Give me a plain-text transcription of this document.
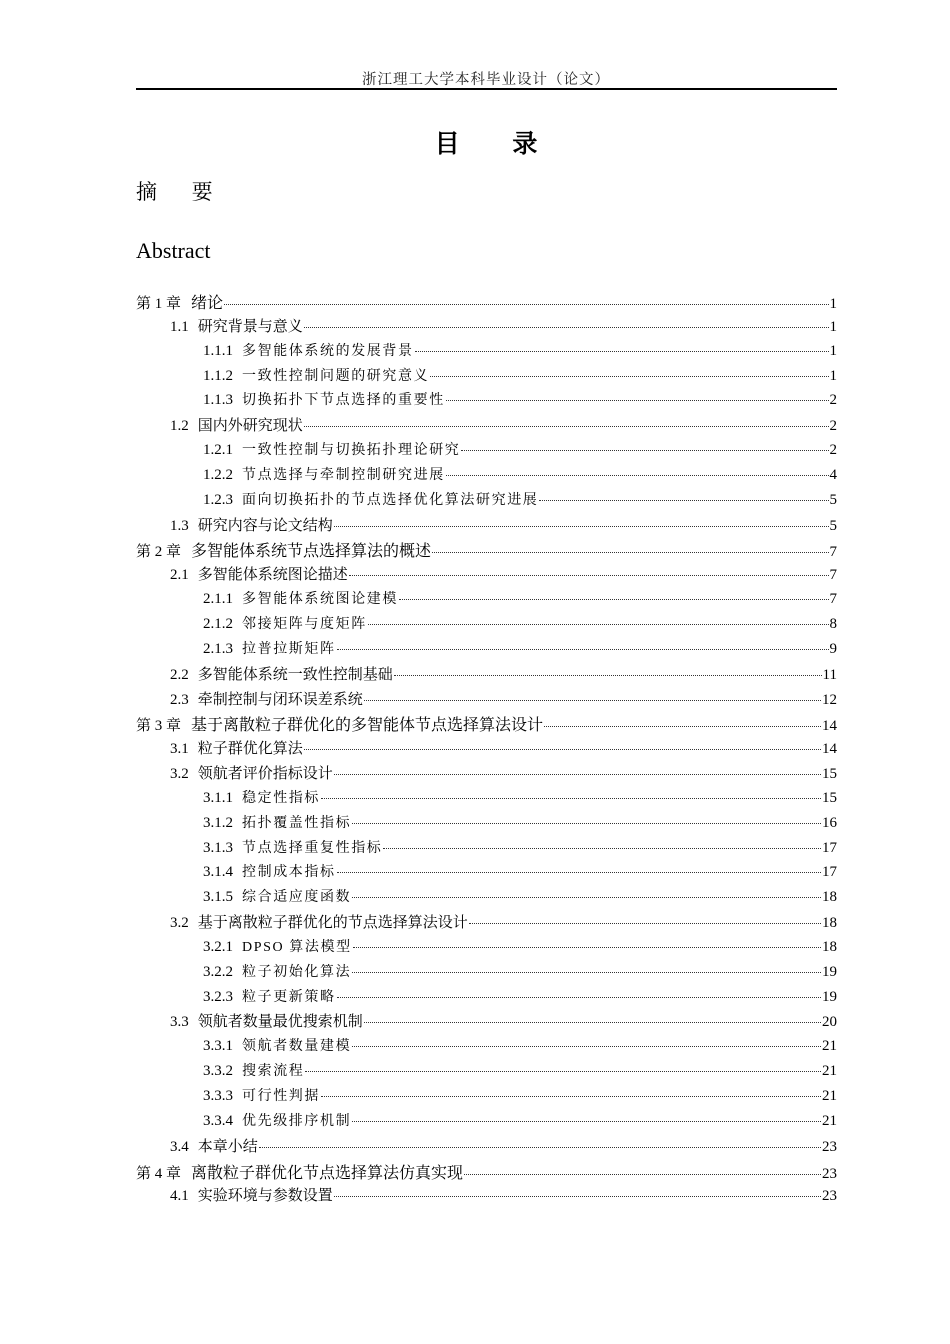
浙江理工大学本科毕业设计（论文）
目 录
摘 要
Abstract
第 1 章 绪论	1
1.1 研究背景与意义	1
1.1.1 多智能体系统的发展背景	1
1.1.2 一致性控制问题的研究意义	1
1.1.3 切换拓扑下节点选择的重要性	2
1.2 国内外研究现状	2
1.2.1 一致性控制与切换拓扑理论研究	2
1.2.2 节点选择与牵制控制研究进展	4
1.2.3 面向切换拓扑的节点选择优化算法研究进展	5
1.3 研究内容与论文结构	5
第 2 章 多智能体系统节点选择算法的概述	7
2.1 多智能体系统图论描述	7
2.1.1 多智能体系统图论建模	7
2.1.2 邻接矩阵与度矩阵	8
2.1.3 拉普拉斯矩阵	9
2.2 多智能体系统一致性控制基础	11
2.3 牵制控制与闭环误差系统	12
第 3 章 基于离散粒子群优化的多智能体节点选择算法设计	14
3.1 粒子群优化算法	14
3.2 领航者评价指标设计	15
3.1.1 稳定性指标	15
3.1.2 拓扑覆盖性指标	16
3.1.3 节点选择重复性指标	17
3.1.4 控制成本指标	17
3.1.5 综合适应度函数	18
3.2 基于离散粒子群优化的节点选择算法设计	18
3.2.1 DPSO 算法模型	18
3.2.2 粒子初始化算法	19
3.2.3 粒子更新策略	19
3.3 领航者数量最优搜索机制	20
3.3.1 领航者数量建模	21
3.3.2 搜索流程	21
3.3.3 可行性判据	21
3.3.4 优先级排序机制	21
3.4 本章小结	23
第 4 章 离散粒子群优化节点选择算法仿真实现	23
4.1 实验环境与参数设置	23
